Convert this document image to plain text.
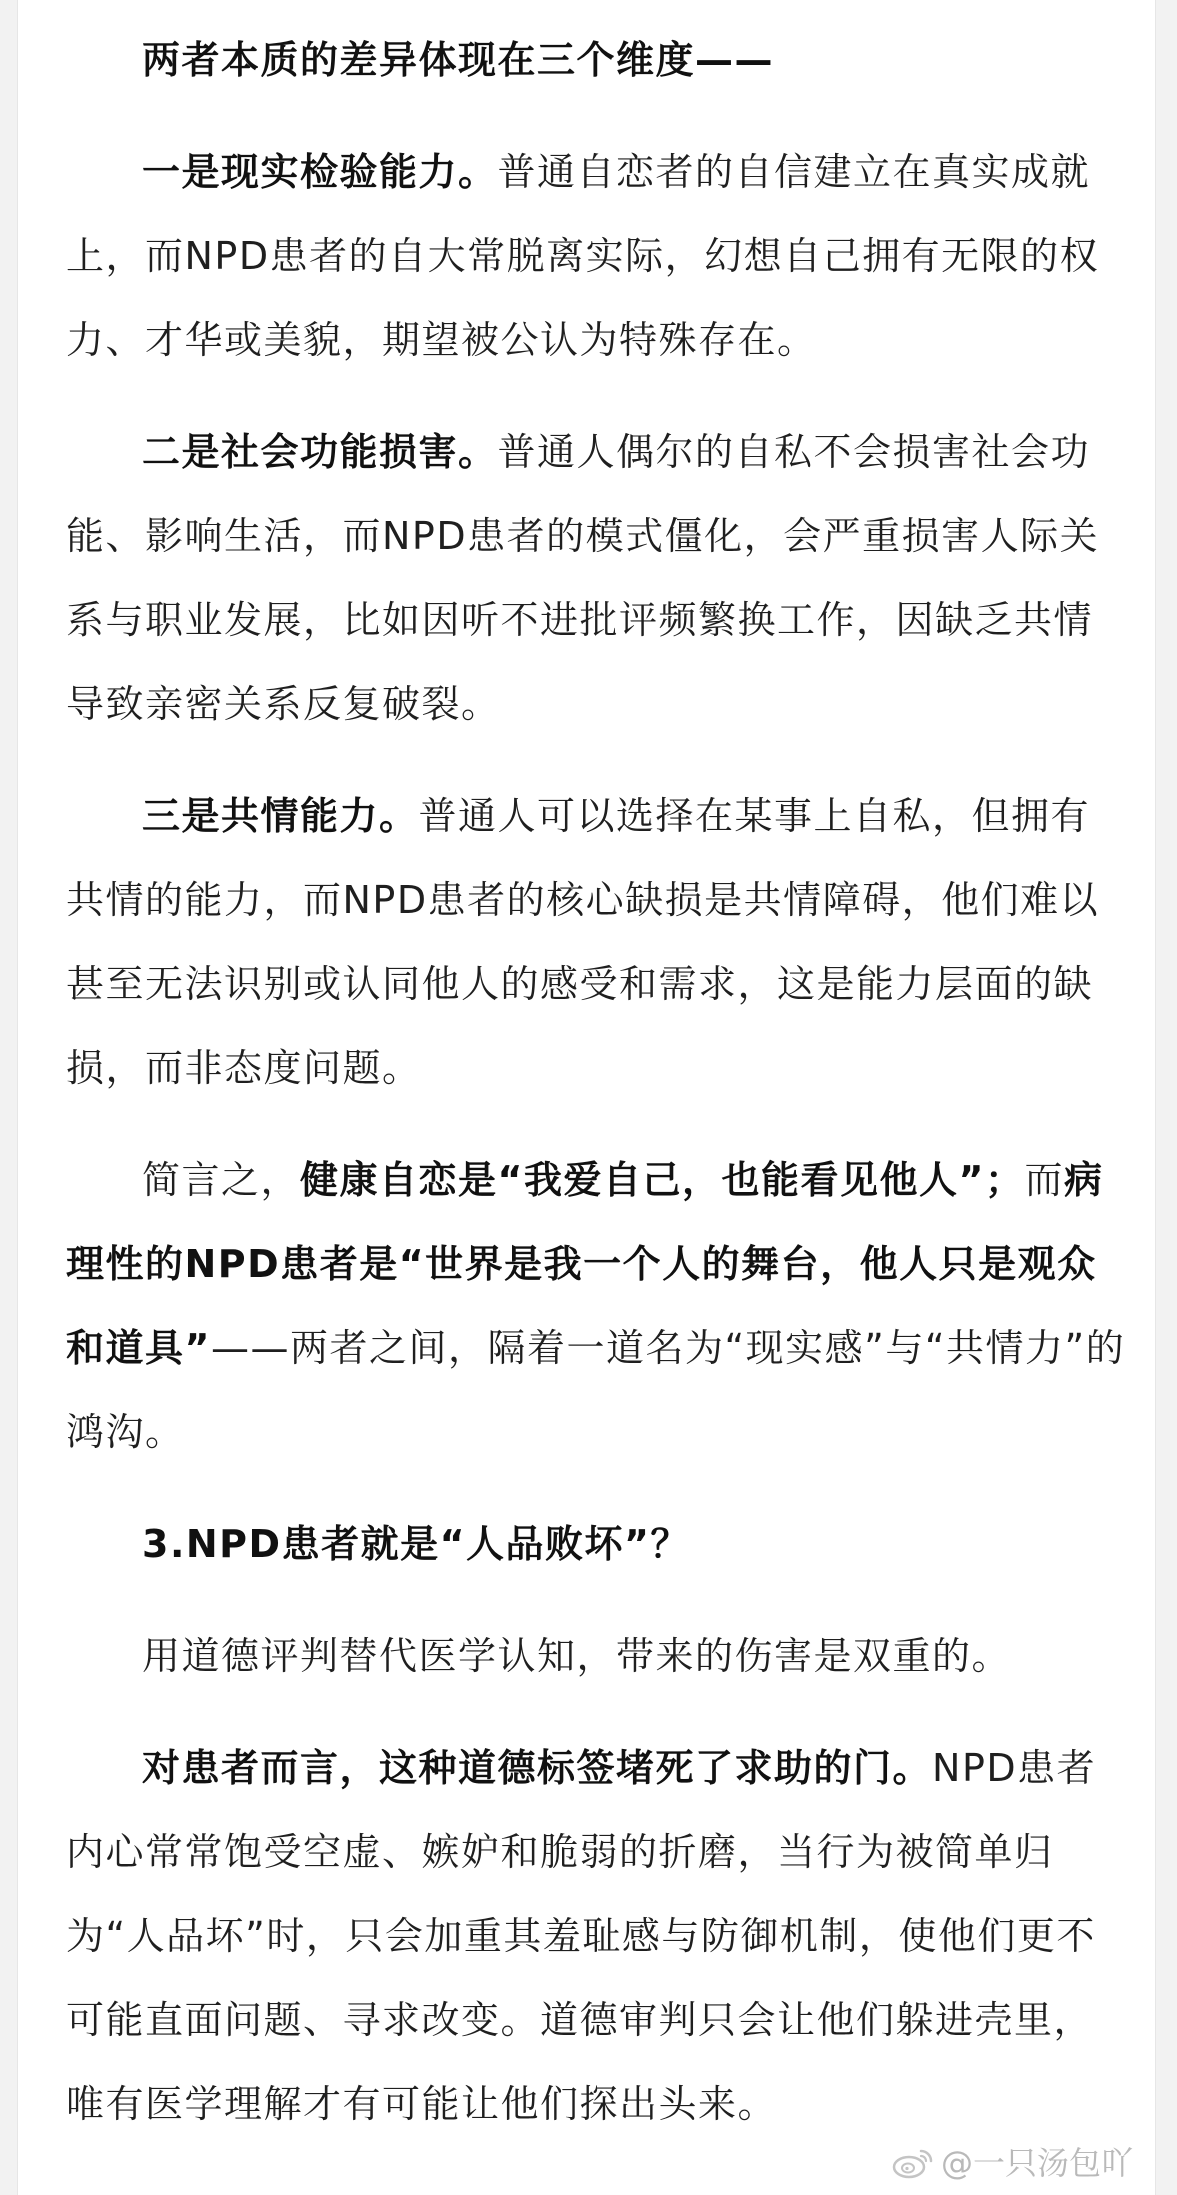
两者本质的差异体现在三个维度——

一是现实检验能力。普通自恋者的自信建立在真实成就上，而NPD患者的自大常脱离实际，幻想自己拥有无限的权力、才华或美貌，期望被公认为特殊存在。

二是社会功能损害。普通人偶尔的自私不会损害社会功能、影响生活，而NPD患者的模式僵化，会严重损害人际关系与职业发展，比如因听不进批评频繁换工作，因缺乏共情导致亲密关系反复破裂。

三是共情能力。普通人可以选择在某事上自私，但拥有共情的能力，而NPD患者的核心缺损是共情障碍，他们难以甚至无法识别或认同他人的感受和需求，这是能力层面的缺损，而非态度问题。

简言之，健康自恋是“我爱自己，也能看见他人”；而病理性的NPD患者是“世界是我一个人的舞台，他人只是观众和道具”——两者之间，隔着一道名为“现实感”与“共情力”的鸿沟。

3.NPD患者就是“人品败坏”？

用道德评判替代医学认知，带来的伤害是双重的。

对患者而言，这种道德标签堵死了求助的门。NPD患者内心常常饱受空虚、嫉妒和脆弱的折磨，当行为被简单归为“人品坏”时，只会加重其羞耻感与防御机制，使他们更不可能直面问题、寻求改变。道德审判只会让他们躲进壳里，唯有医学理解才有可能让他们探出头来。

@一只汤包吖
